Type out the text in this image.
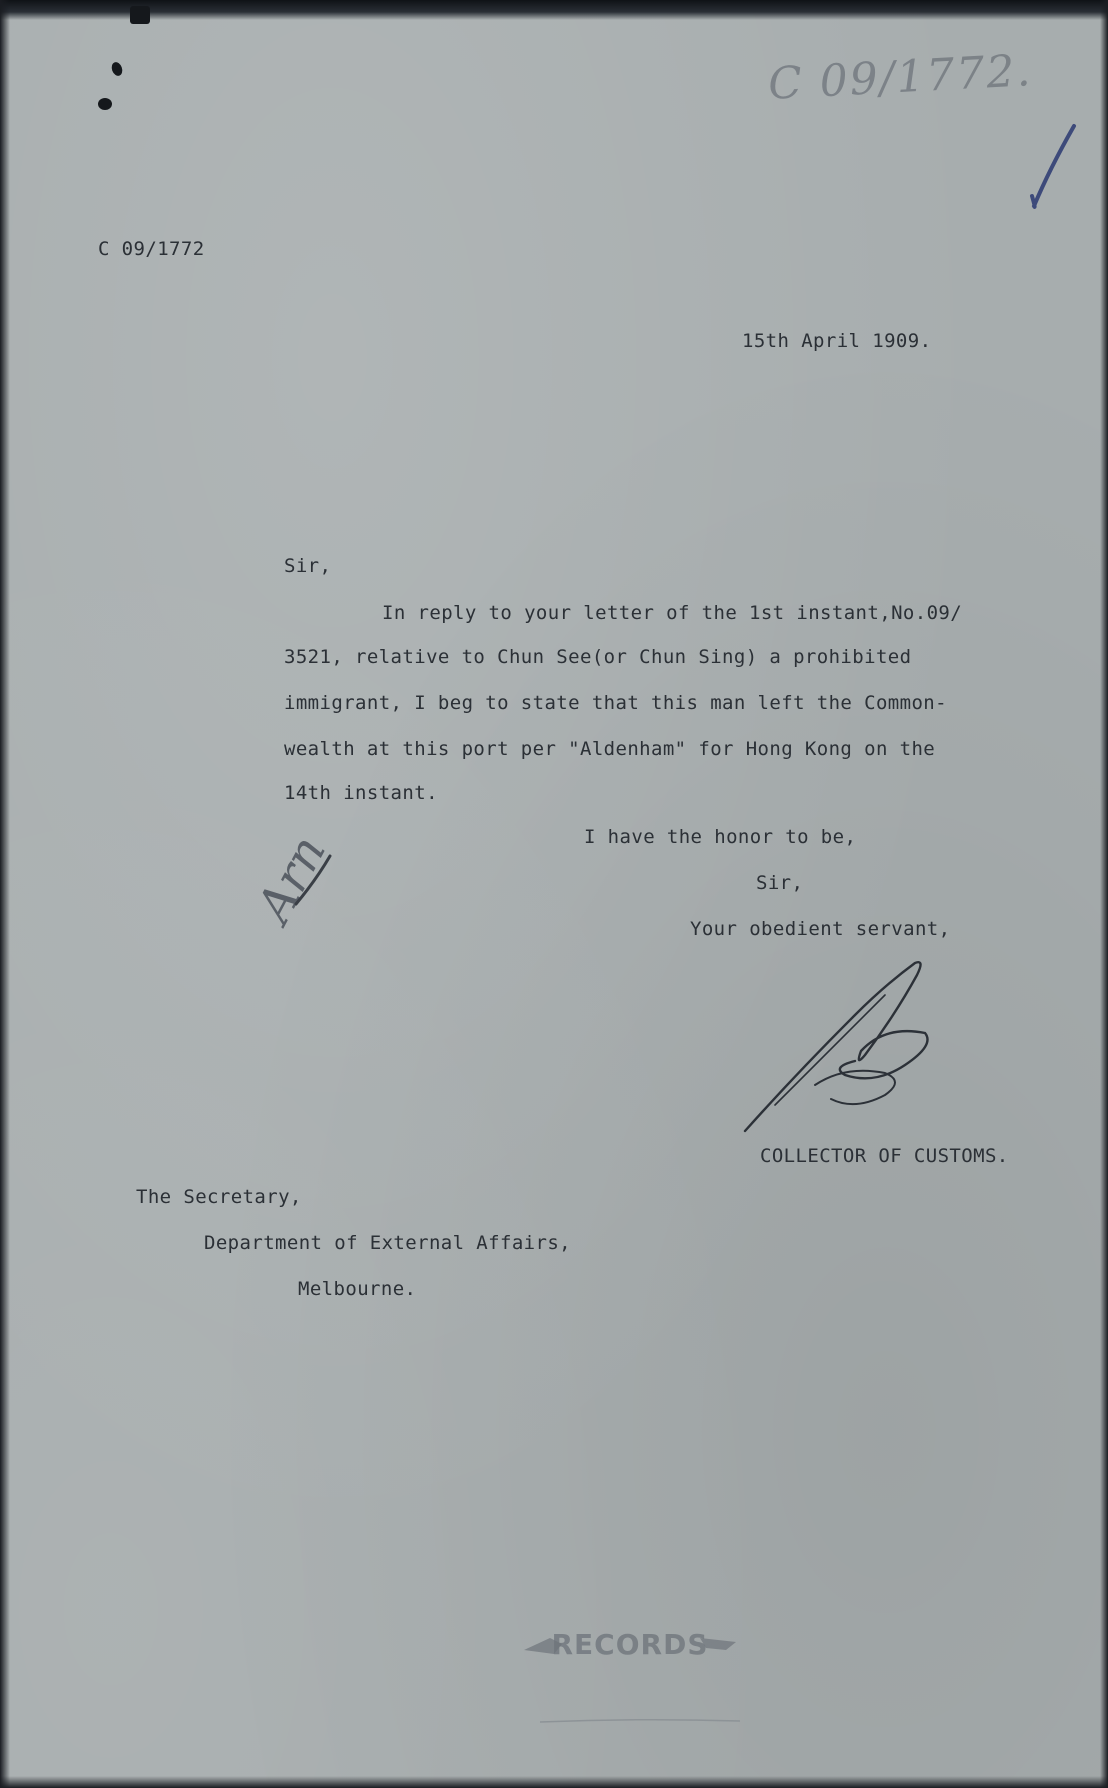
C 09/1772.
C 09/1772
15th April 1909.
Sir,
In reply to your letter of the 1st instant,No.09/
3521, relative to Chun See(or Chun Sing) a prohibited
immigrant, I beg to state that this man left the Common-
wealth at this port per "Aldenham" for Hong Kong on the
14th instant.
Arn	I have the honor to be,
Sir,
Your obedient servant,
COLLECTOR OF CUSTOMS.
The Secretary,
Department of External Affairs,
Melbourne.
RECORDS
